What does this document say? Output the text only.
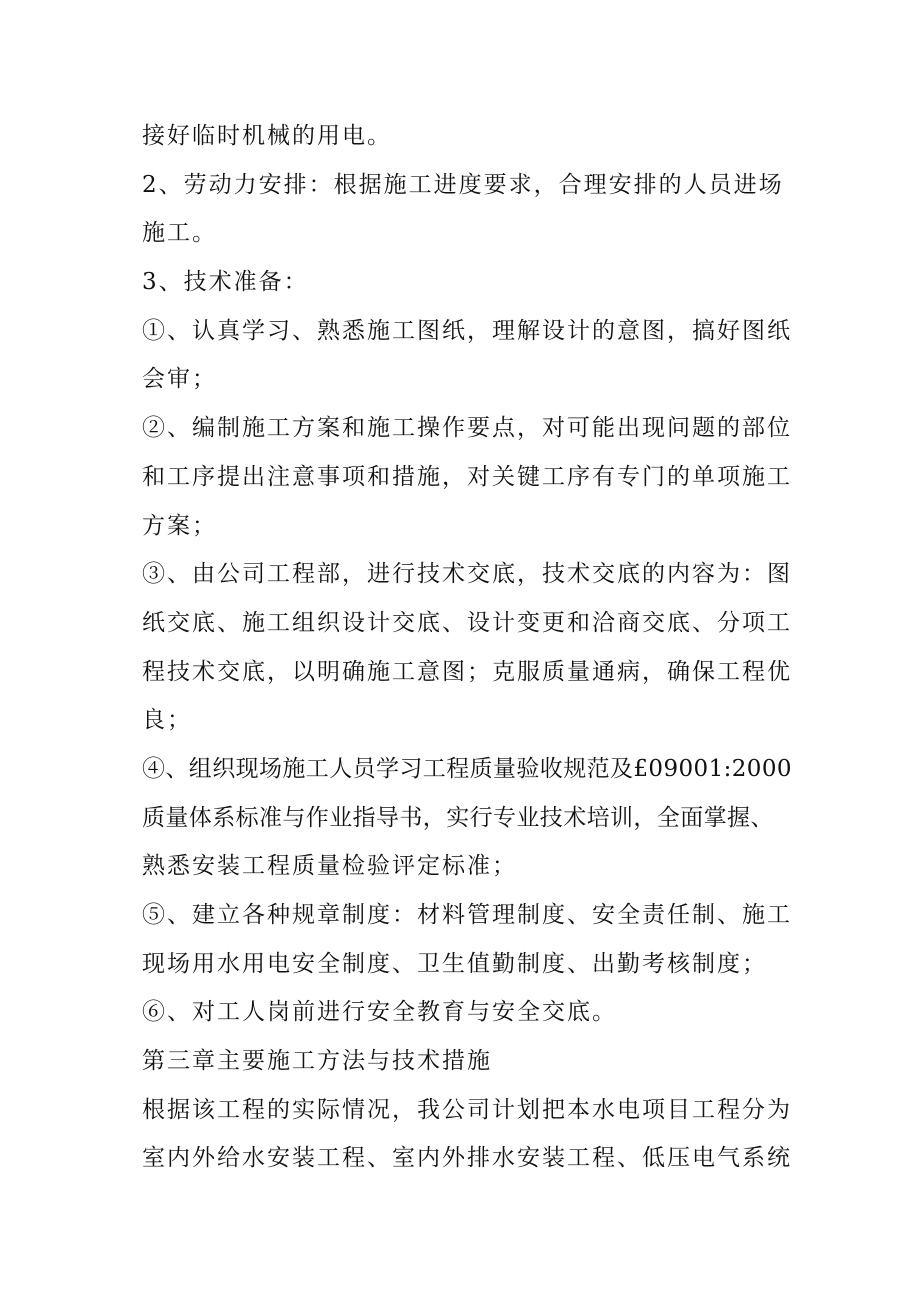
接好临时机械的用电。
2、劳动力安排：根据施工进度要求，合理安排的人员进场
施工。
3、技术准备：
①、认真学习、熟悉施工图纸，理解设计的意图，搞好图纸
会审；
②、编制施工方案和施工操作要点，对可能出现问题的部位
和工序提出注意事项和措施，对关键工序有专门的单项施工
方案；
③、由公司工程部，进行技术交底，技术交底的内容为：图
纸交底、施工组织设计交底、设计变更和洽商交底、分项工
程技术交底，以明确施工意图；克服质量通病，确保工程优
良；
④、组织现场施工人员学习工程质量验收规范及£09001:2000
质量体系标准与作业指导书，实行专业技术培训，全面掌握、
熟悉安装工程质量检验评定标准；
⑤、建立各种规章制度：材料管理制度、安全责任制、施工
现场用水用电安全制度、卫生值勤制度、出勤考核制度；
⑥、对工人岗前进行安全教育与安全交底。
第三章主要施工方法与技术措施
根据该工程的实际情况，我公司计划把本水电项目工程分为
室内外给水安装工程、室内外排水安装工程、低压电气系统
